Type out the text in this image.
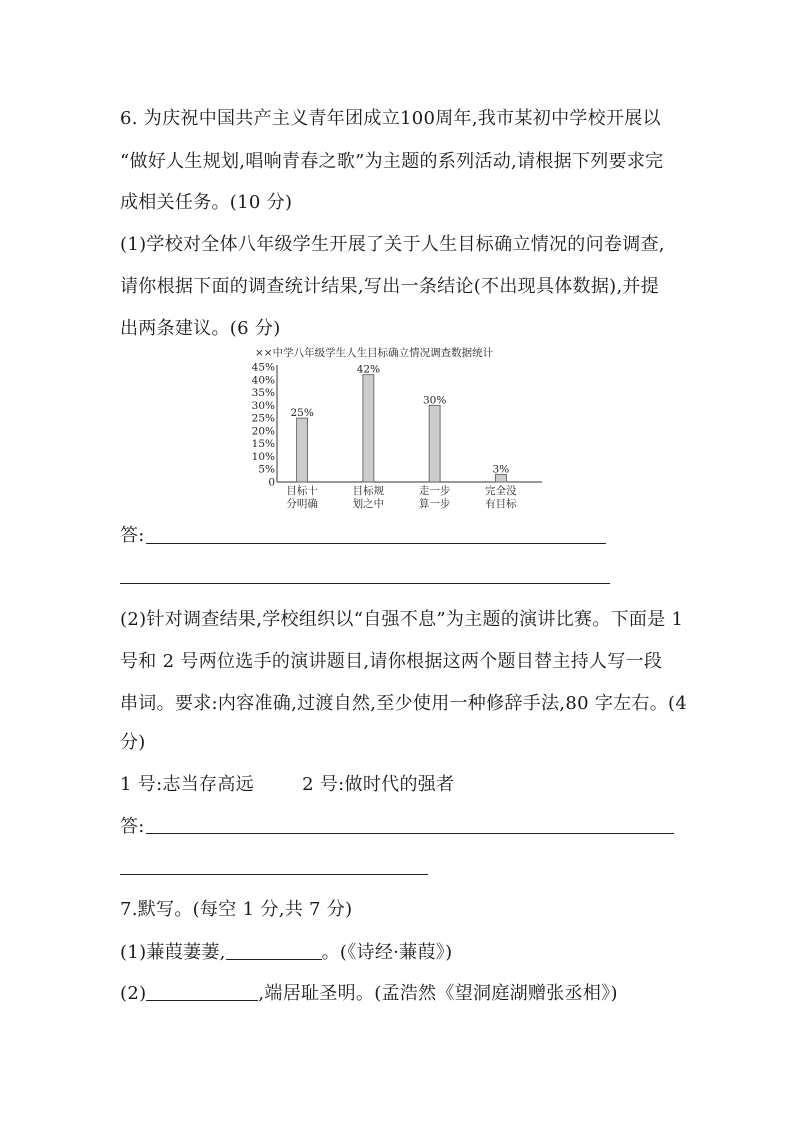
6. 为庆祝中国共产主义青年团成立100周年,我市某初中学校开展以
“做好人生规划,唱响青春之歌”为主题的系列活动,请根据下列要求完
成相关任务。(10 分)
(1)学校对全体八年级学生开展了关于人生目标确立情况的问卷调查,
请你根据下面的调查统计结果,写出一条结论(不出现具体数据),并提
出两条建议。(6 分)
××中学八年级学生人生目标确立情况调查数据统计
0
5%
10%
15%
20%
25%
30%
35%
40%
45%
25%
42%
30%
3%
目标十
分明确
目标规
划之中
走一步
算一步
完全没
有目标
答:
(2)针对调查结果,学校组织以“自强不息”为主题的演讲比赛。下面是 1
号和 2 号两位选手的演讲题目,请你根据这两个题目替主持人写一段
串词。要求:内容准确,过渡自然,至少使用一种修辞手法,80 字左右。(4
分)
1 号:志当存高远        2 号:做时代的强者
答:
7.默写。(每空 1 分,共 7 分)
(1)蒹葭萋萋,	。(《诗经·蒹葭》)
(2)	,端居耻圣明。(孟浩然《望洞庭湖赠张丞相》)
